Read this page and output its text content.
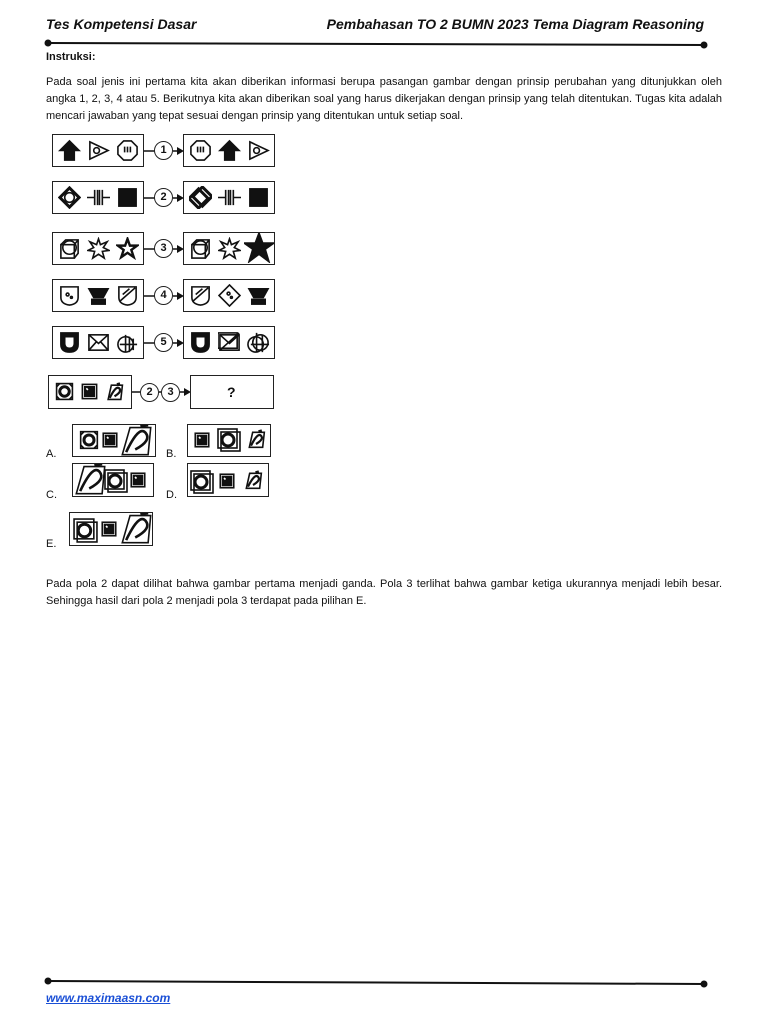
Tes Kompetensi Dasar	Pembahasan TO 2 BUMN 2023 Tema Diagram Reasoning
Instruksi:

Pada soal jenis ini pertama kita akan diberikan informasi berupa pasangan gambar dengan prinsip perubahan yang ditunjukkan oleh angka 1, 2, 3, 4 atau 5. Berikutnya kita akan diberikan soal yang harus dikerjakan dengan prinsip yang telah ditentukan. Tugas kita adalah mencari jawaban yang tepat sesuai dengan prinsip yang ditentukan untuk setiap soal.

1
2
3
4
5
2	3	?
A.	B.
C.	D.
E.

Pada pola 2 dapat dilihat bahwa gambar pertama menjadi ganda. Pola 3 terlihat bahwa gambar ketiga ukurannya menjadi lebih besar. Sehingga hasil dari pola 2 menjadi pola 3 terdapat pada pilihan E.

www.maximaasn.com
